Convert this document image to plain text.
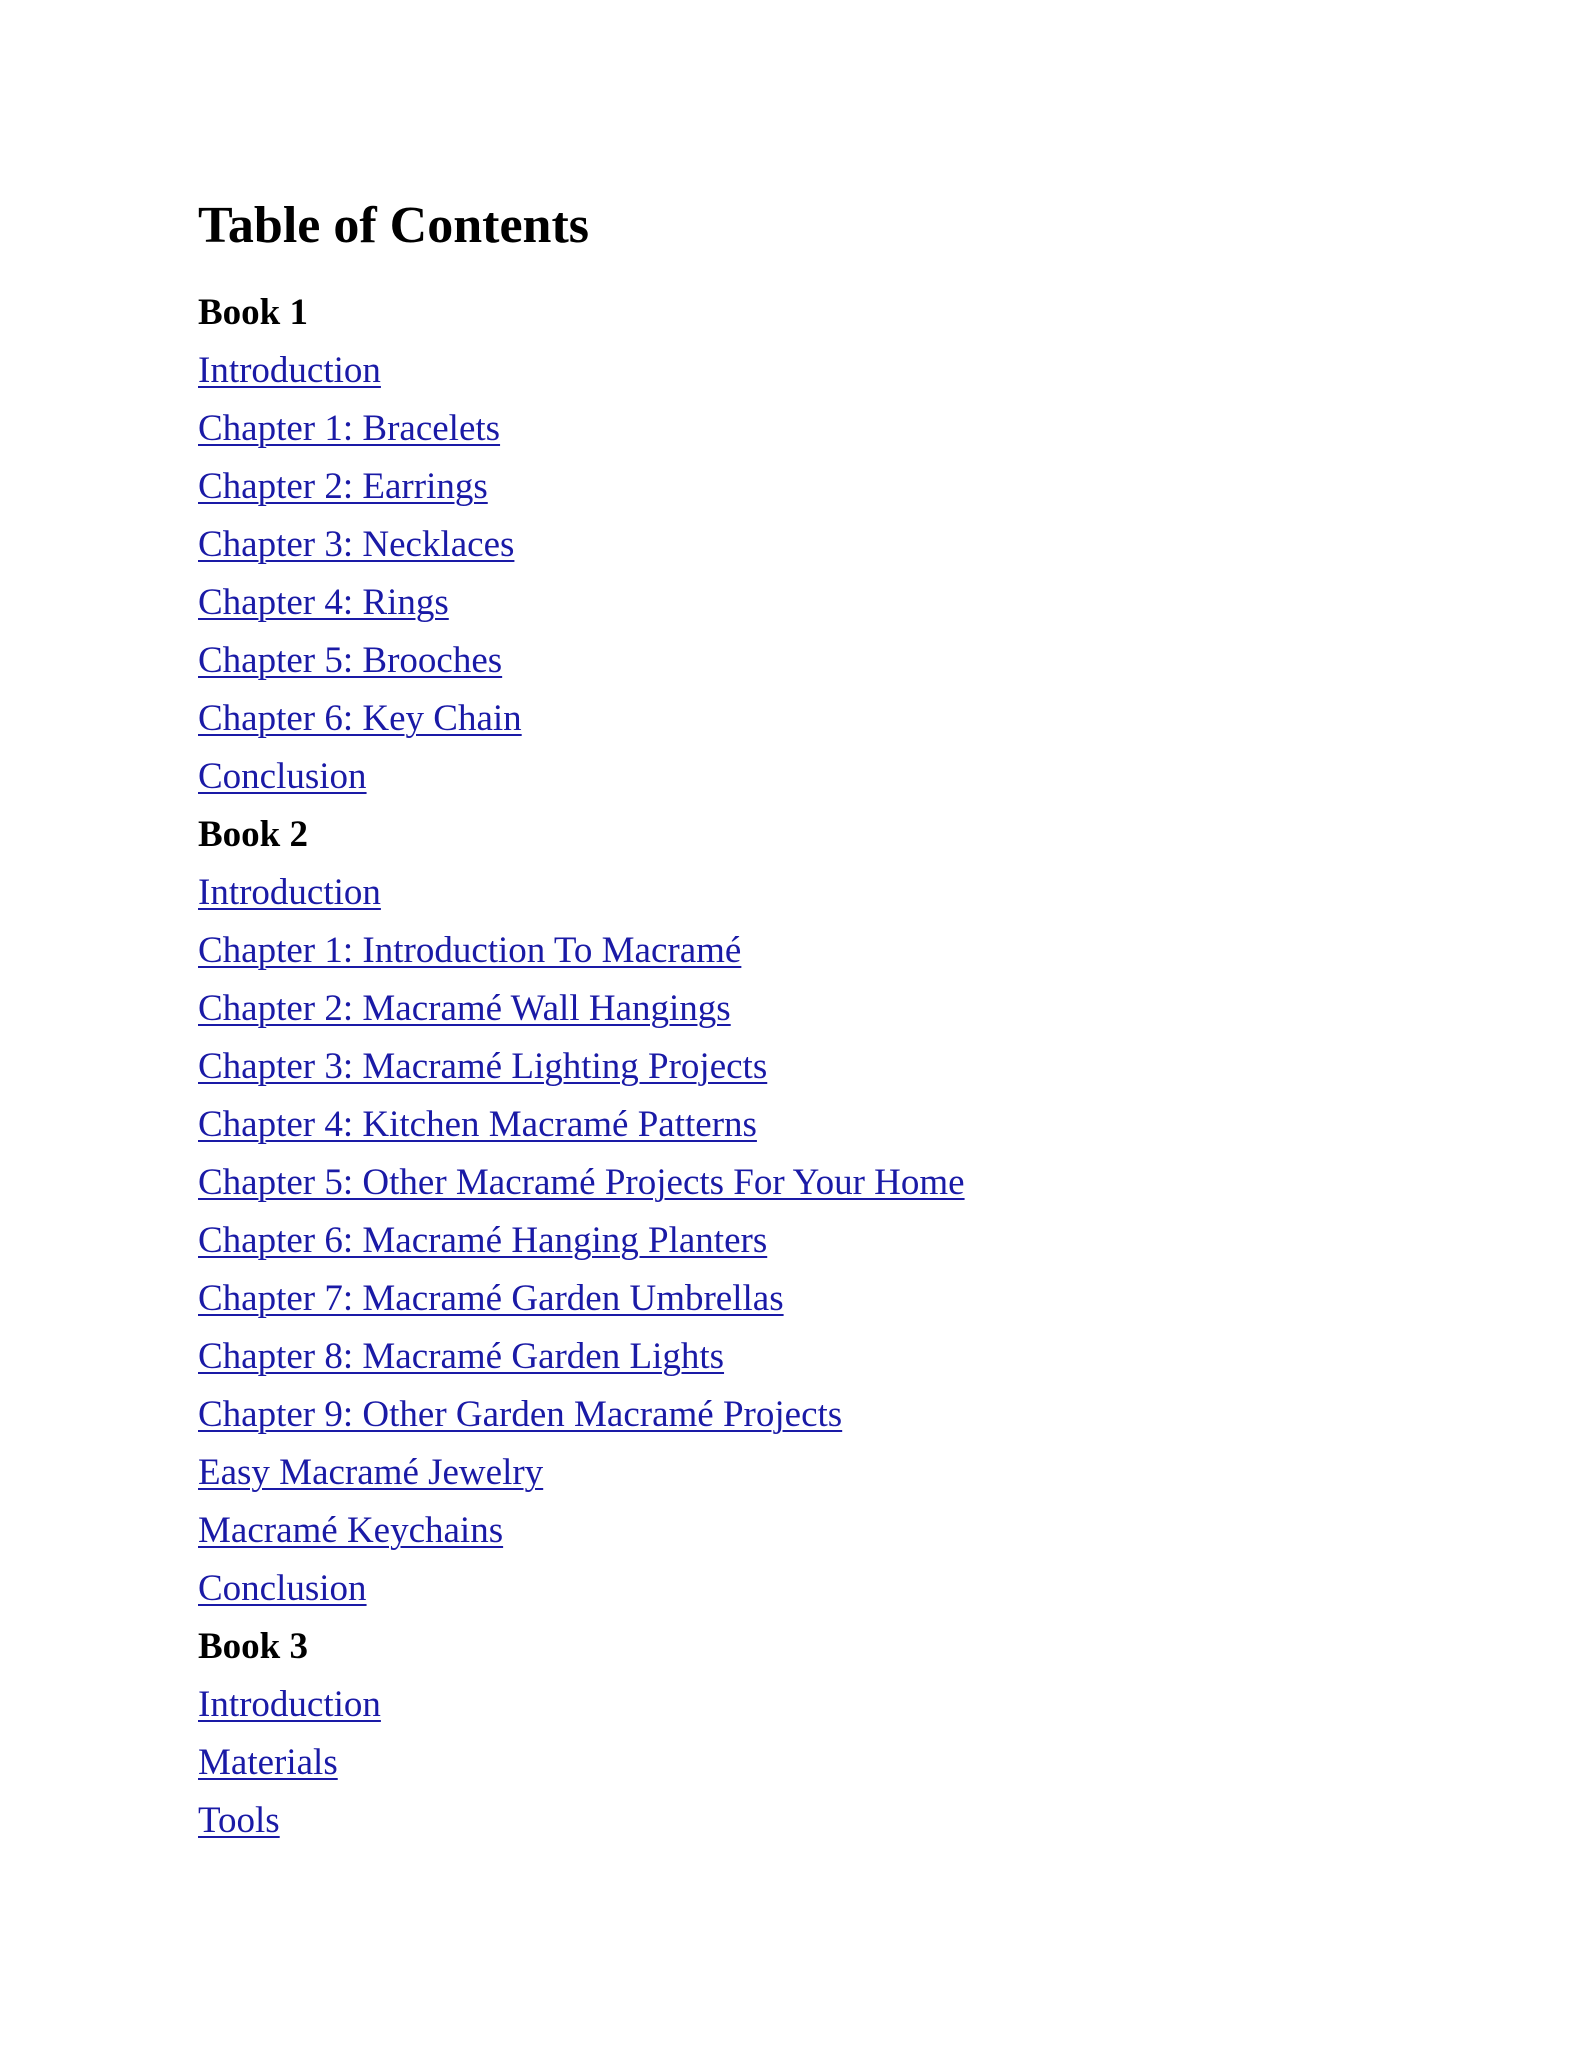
Table of Contents
Book 1
Introduction
Chapter 1: Bracelets
Chapter 2: Earrings
Chapter 3: Necklaces
Chapter 4: Rings
Chapter 5: Brooches
Chapter 6: Key Chain
Conclusion
Book 2
Introduction
Chapter 1: Introduction To Macramé
Chapter 2: Macramé Wall Hangings
Chapter 3: Macramé Lighting Projects
Chapter 4: Kitchen Macramé Patterns
Chapter 5: Other Macramé Projects For Your Home
Chapter 6: Macramé Hanging Planters
Chapter 7: Macramé Garden Umbrellas
Chapter 8: Macramé Garden Lights
Chapter 9: Other Garden Macramé Projects
Easy Macramé Jewelry
Macramé Keychains
Conclusion
Book 3
Introduction
Materials
Tools
